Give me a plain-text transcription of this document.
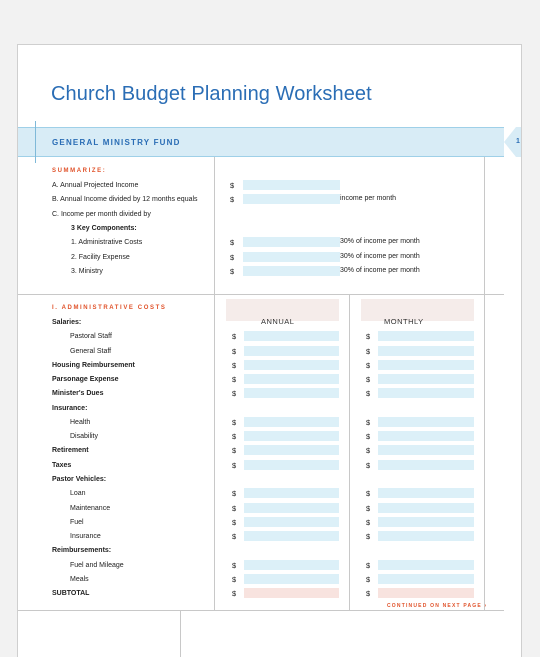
Church Budget Planning Worksheet
GENERAL MINISTRY FUND	1
SUMMARIZE:
A. Annual Projected Income	$
B. Annual Income divided by 12 months equals	$	income per month
C. Income per month divided by
3 Key Components:
1. Administrative Costs	$	30% of income per month
2. Facility Expense	$	30% of income per month
3. Ministry	$	30% of income per month
I. ADMINISTRATIVE COSTS
ANNUAL	MONTHLY
Salaries:
Pastoral Staff	$	$
General Staff	$	$
Housing Reimbursement	$	$
Parsonage Expense	$	$
Minister's Dues	$	$
Insurance:
Health	$	$
Disability	$	$
Retirement	$	$
Taxes	$	$
Pastor Vehicles:
Loan	$	$
Maintenance	$	$
Fuel	$	$
Insurance	$	$
Reimbursements:
Fuel and Mileage	$	$
Meals	$	$
SUBTOTAL	$	$
CONTINUED ON NEXT PAGE ›
